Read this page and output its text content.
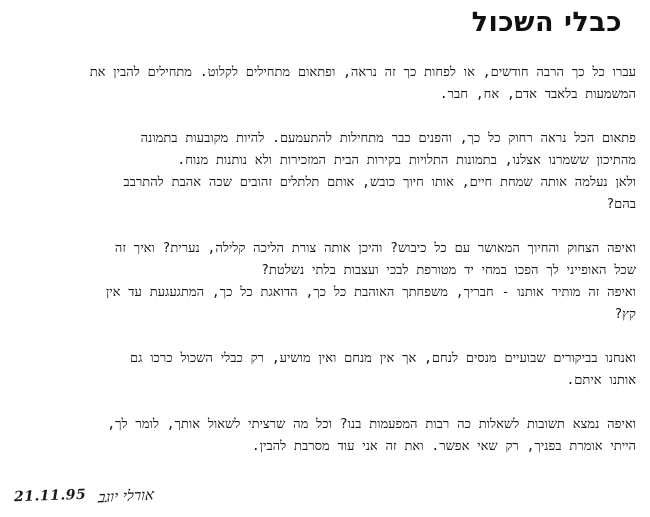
כבלי השכול

עברו כל כך הרבה חודשים, או לפחות כך זה נראה, ופתאום מתחילים לקלוט. מתחילים להבין את
המשמעות בלאבד אדם, אח, חבר.

פתאום הכל נראה רחוק כל כך, והפנים כבר מתחילות להתעמעם. להיות מקובעות בתמונה
מהתיכון ששמרנו אצלנו, בתמונות התלויות בקירות הבית המזכירות ולא נותנות מנוח.
ולאן נעלמה אותה שמחת חיים, אותו חיוך כובש, אותם תלתלים זהובים שכה אהבת להתרבב
בהם?

ואיפה הצחוק והחיוך המאושר עם כל כיבוש? והיכן אותה צורת הליכה קלילה, נערית? ואיך זה
שכל האופייני לך הפכו במחי יד מטורפת לבכי ועצבות בלתי נשלטת?
ואיפה זה מותיר אותנו - חבריך, משפחתך האוהבת כל כך, הדואגת כל כך, המתגעגעת עד אין
קץ?

ואנחנו בביקורים שבועיים מנסים לנחם, אך אין מנחם ואין מושיע, רק כבלי השכול כרכו גם
אותנו איתם.

ואיפה נמצא תשובות לשאלות כה רבות המפעמות בנו? וכל מה שרציתי לשאול אותך, לומר לך,
הייתי אומרת בפניך, רק שאי אפשר. ואת זה אני עוד מסרבת להבין.

21.11.95 אורלי יוגב
